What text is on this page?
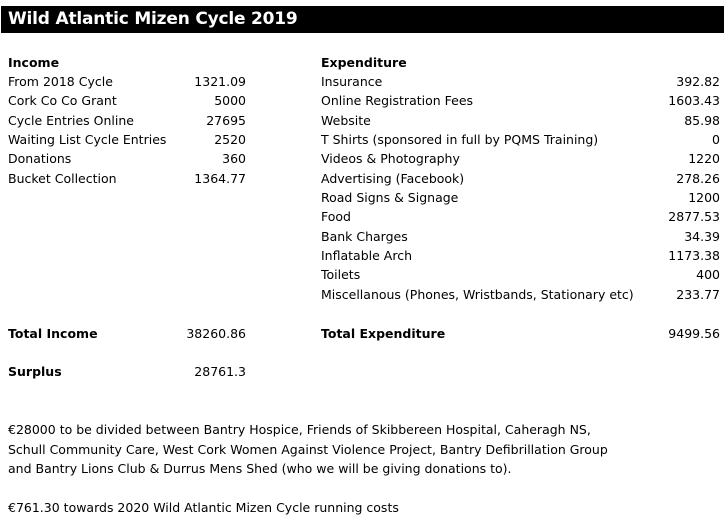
Wild Atlantic Mizen Cycle 2019
Income
From 2018 Cycle	1321.09
Cork Co Co Grant	5000
Cycle Entries Online	27695
Waiting List Cycle Entries	2520
Donations	360
Bucket Collection	1364.77
Expenditure
Insurance	392.82
Online Registration Fees	1603.43
Website	85.98
T Shirts (sponsored in full by PQMS Training)	0
Videos & Photography	1220
Advertising (Facebook)	278.26
Road Signs & Signage	1200
Food	2877.53
Bank Charges	34.39
Inflatable Arch	1173.38
Toilets	400
Miscellanous (Phones, Wristbands, Stationary etc)	233.77
Total Income	38260.86	Total Expenditure	9499.56
Surplus	28761.3
€28000 to be divided between Bantry Hospice, Friends of Skibbereen Hospital, Caheragh NS,
Schull Community Care, West Cork Women Against Violence Project, Bantry Defibrillation Group
and Bantry Lions Club & Durrus Mens Shed (who we will be giving donations to).
€761.30 towards 2020 Wild Atlantic Mizen Cycle running costs
